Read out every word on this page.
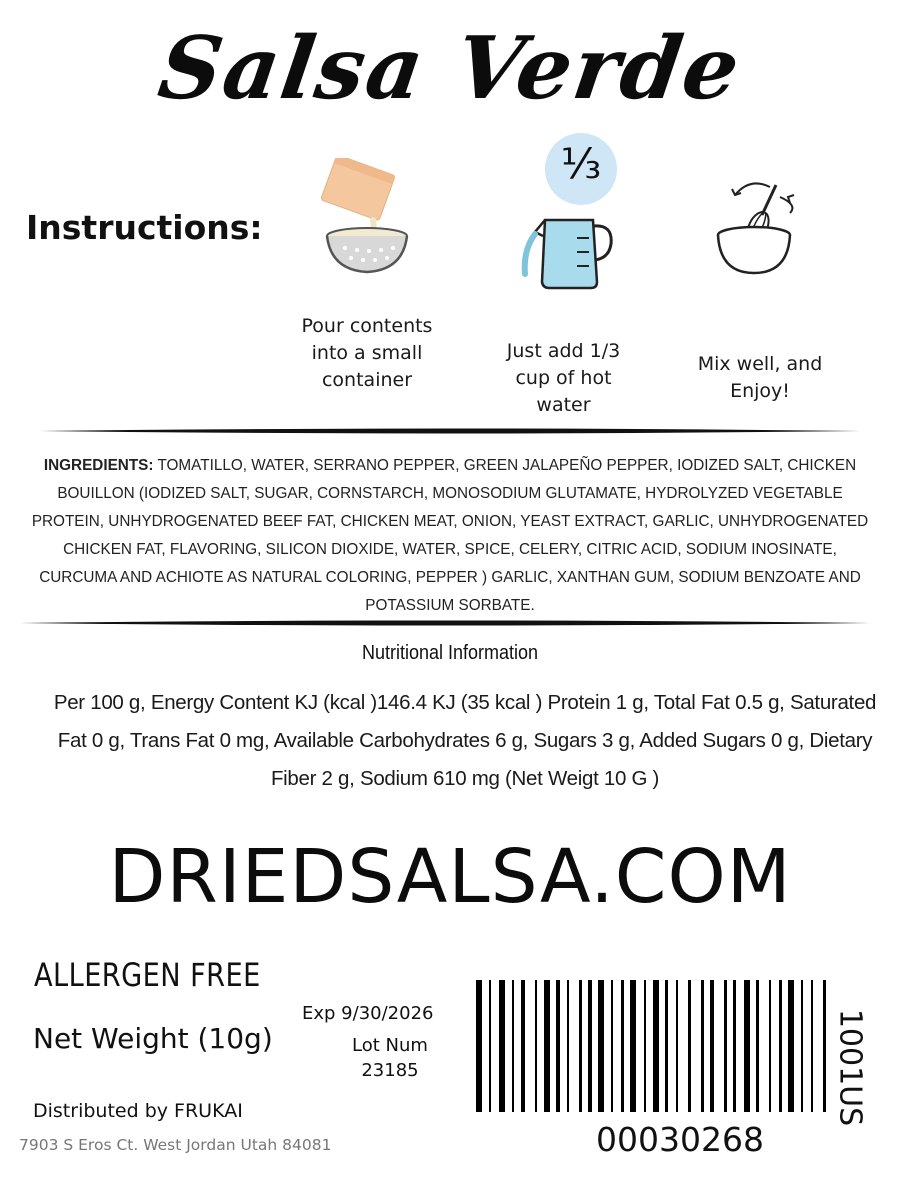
Salsa Verde
Instructions:
⅓
Pour contents into a small container
Just add 1/3 cup of hot water
Mix well, and Enjoy!
INGREDIENTS: TOMATILLO, WATER, SERRANO PEPPER, GREEN JALAPEÑO PEPPER, IODIZED SALT, CHICKEN BOUILLON (IODIZED SALT, SUGAR, CORNSTARCH, MONOSODIUM GLUTAMATE, HYDROLYZED VEGETABLE PROTEIN, UNHYDROGENATED BEEF FAT, CHICKEN MEAT, ONION, YEAST EXTRACT, GARLIC, UNHYDROGENATED CHICKEN FAT, FLAVORING, SILICON DIOXIDE, WATER, SPICE, CELERY, CITRIC ACID, SODIUM INOSINATE, CURCUMA AND ACHIOTE AS NATURAL COLORING, PEPPER ) GARLIC, XANTHAN GUM, SODIUM BENZOATE AND POTASSIUM SORBATE.
Nutritional Information
Per 100 g, Energy Content KJ (kcal )146.4 KJ (35 kcal ) Protein 1 g, Total Fat 0.5 g, Saturated Fat 0 g, Trans Fat 0 mg, Available Carbohydrates 6 g, Sugars 3 g, Added Sugars 0 g, Dietary Fiber 2 g, Sodium 610 mg (Net Weigt 10 G )
DRIEDSALSA.COM
ALLERGEN FREE
Net Weight (10g)
Distributed by FRUKAI
7903 S Eros Ct. West Jordan Utah 84081
Exp 9/30/2026
Lot Num
23185
00030268
1001US
